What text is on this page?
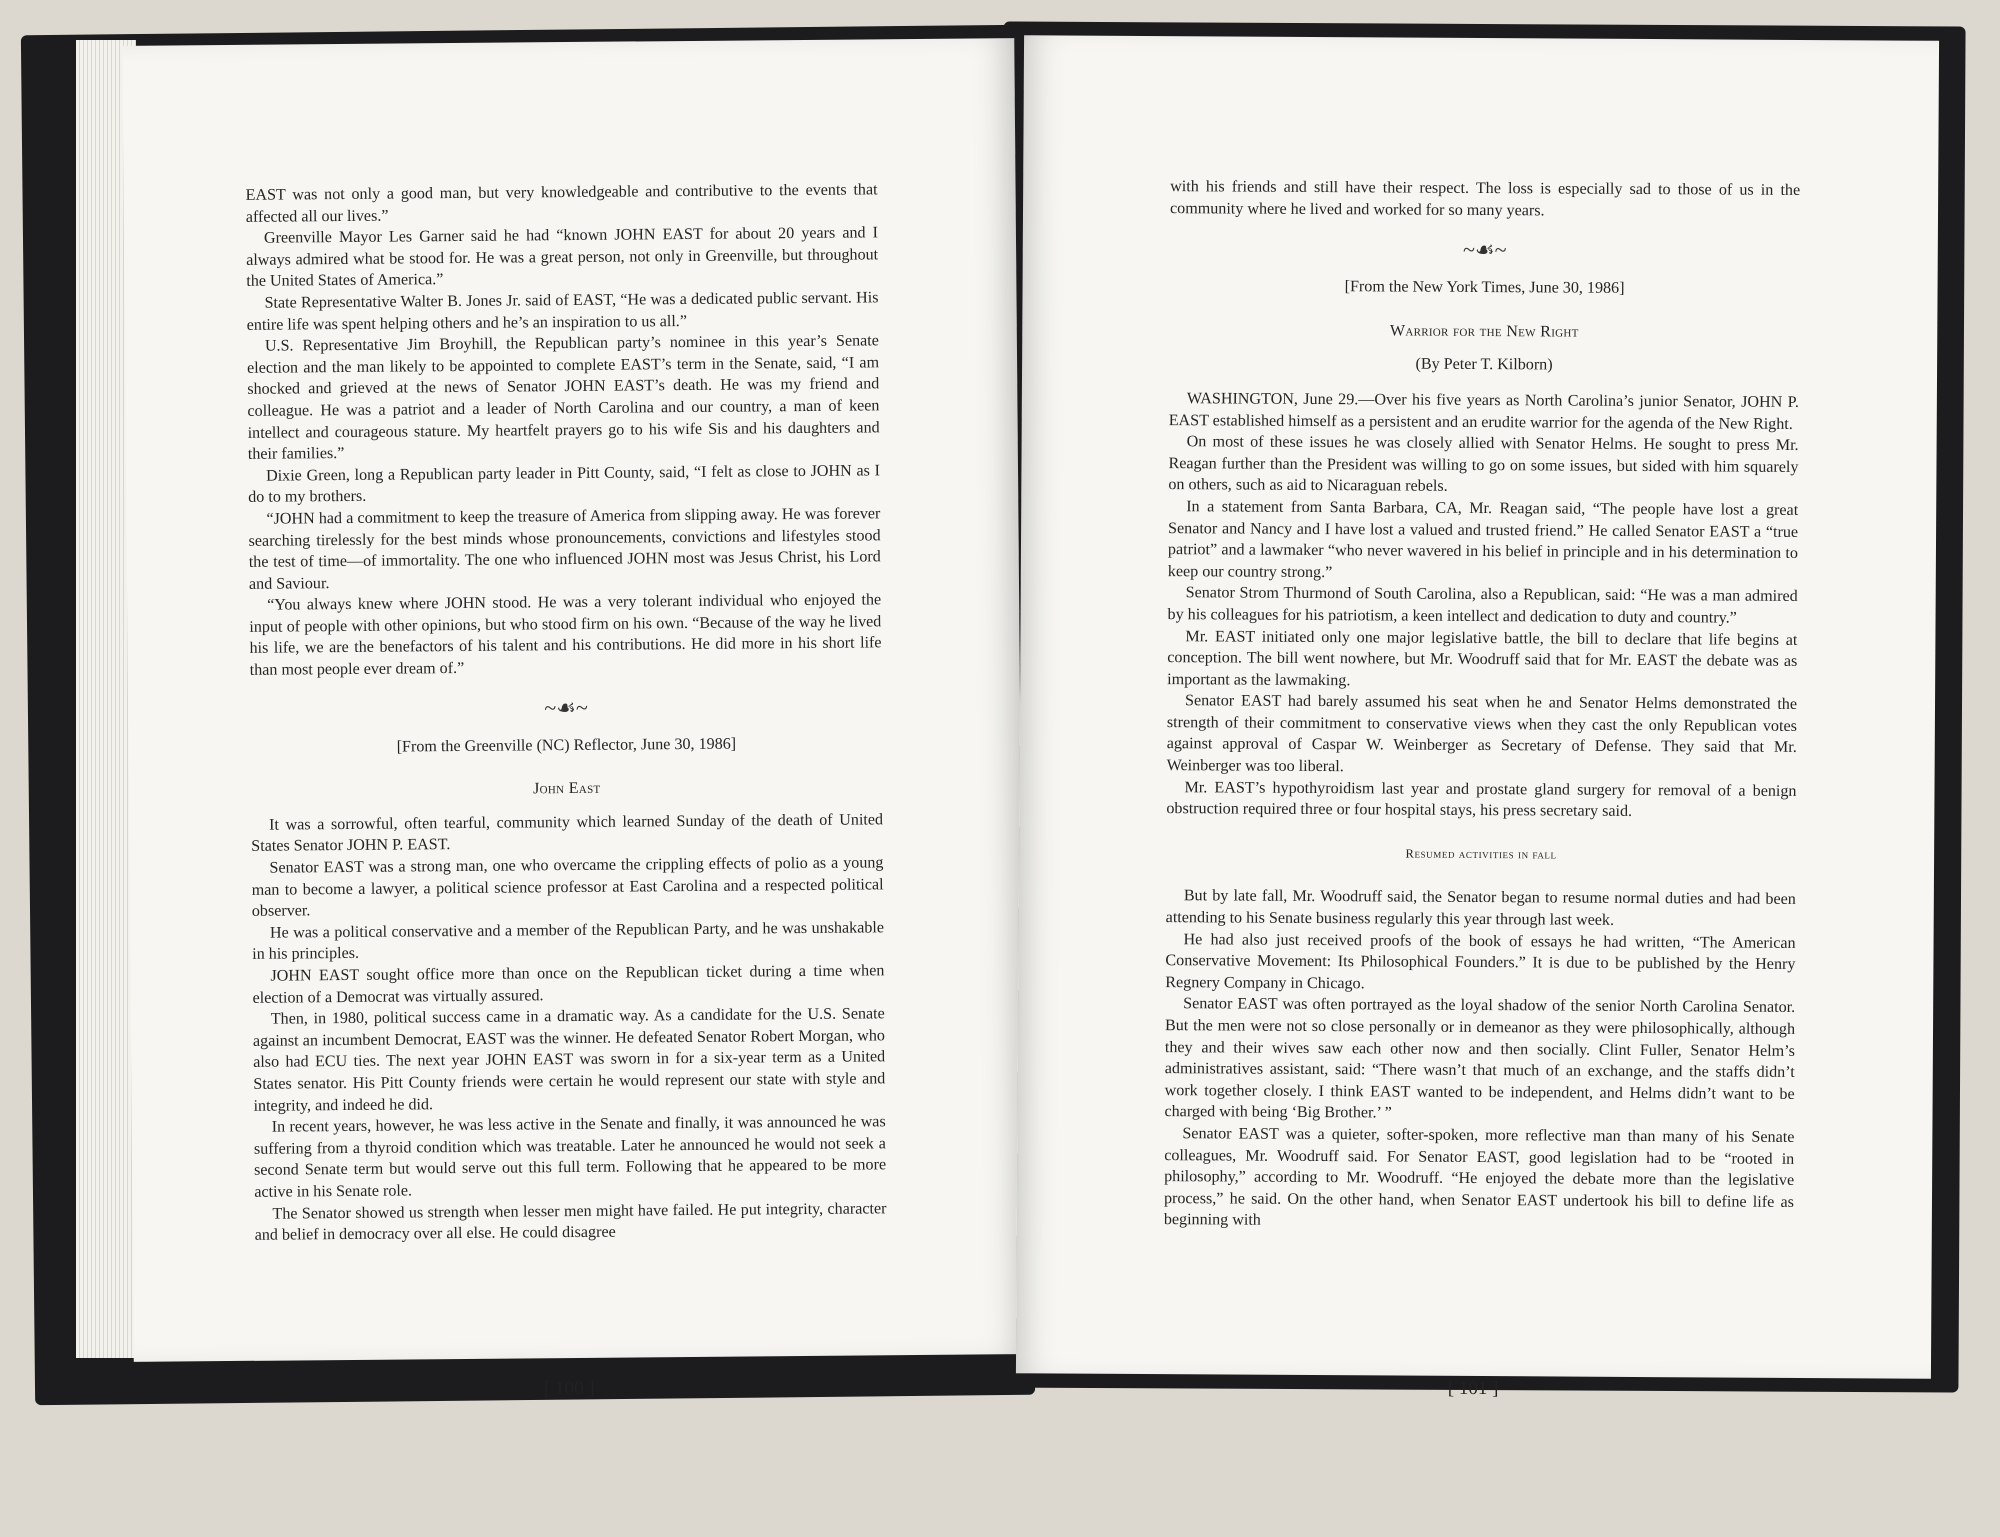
EAST was not only a good man, but very knowledgeable and contributive to the events that affected all our lives.”

Greenville Mayor Les Garner said he had “known JOHN EAST for about 20 years and I always admired what be stood for. He was a great person, not only in Greenville, but throughout the United States of America.”

State Representative Walter B. Jones Jr. said of EAST, “He was a dedicated public servant. His entire life was spent helping others and he’s an inspiration to us all.”

U.S. Representative Jim Broyhill, the Republican party’s nominee in this year’s Senate election and the man likely to be appointed to complete EAST’s term in the Senate, said, “I am shocked and grieved at the news of Senator JOHN EAST’s death. He was my friend and colleague. He was a patriot and a leader of North Carolina and our country, a man of keen intellect and courageous stature. My heartfelt prayers go to his wife Sis and his daughters and their families.”

Dixie Green, long a Republican party leader in Pitt County, said, “I felt as close to JOHN as I do to my brothers.

“JOHN had a commitment to keep the treasure of America from slipping away. He was forever searching tirelessly for the best minds whose pronouncements, convictions and lifestyles stood the test of time—of immortality. The one who influenced JOHN most was Jesus Christ, his Lord and Saviour.

“You always knew where JOHN stood. He was a very tolerant individual who enjoyed the input of people with other opinions, but who stood firm on his own. “Because of the way he lived his life, we are the benefactors of his talent and his contributions. He did more in his short life than most people ever dream of.”

~☙~
[From the Greenville (NC) Reflector, June 30, 1986]
John East

It was a sorrowful, often tearful, community which learned Sunday of the death of United States Senator JOHN P. EAST.

Senator EAST was a strong man, one who overcame the crippling effects of polio as a young man to become a lawyer, a political science professor at East Carolina and a respected political observer.

He was a political conservative and a member of the Republican Party, and he was unshakable in his principles.

JOHN EAST sought office more than once on the Republican ticket during a time when election of a Democrat was virtually assured.

Then, in 1980, political success came in a dramatic way. As a candidate for the U.S. Senate against an incumbent Democrat, EAST was the winner. He defeated Senator Robert Morgan, who also had ECU ties. The next year JOHN EAST was sworn in for a six-year term as a United States senator. His Pitt County friends were certain he would represent our state with style and integrity, and indeed he did.

In recent years, however, he was less active in the Senate and finally, it was announced he was suffering from a thyroid condition which was treatable. Later he announced he would not seek a second Senate term but would serve out this full term. Following that he appeared to be more active in his Senate role.

The Senator showed us strength when lesser men might have failed. He put integrity, character and belief in democracy over all else. He could disagree

[ 100 ]

with his friends and still have their respect. The loss is especially sad to those of us in the community where he lived and worked for so many years.

~☙~
[From the New York Times, June 30, 1986]
Warrior for the New Right
(By Peter T. Kilborn)

WASHINGTON, June 29.—Over his five years as North Carolina’s junior Senator, JOHN P. EAST established himself as a persistent and an erudite warrior for the agenda of the New Right.

On most of these issues he was closely allied with Senator Helms. He sought to press Mr. Reagan further than the President was willing to go on some issues, but sided with him squarely on others, such as aid to Nicaraguan rebels.

In a statement from Santa Barbara, CA, Mr. Reagan said, “The people have lost a great Senator and Nancy and I have lost a valued and trusted friend.” He called Senator EAST a “true patriot” and a lawmaker “who never wavered in his belief in principle and in his determination to keep our country strong.”

Senator Strom Thurmond of South Carolina, also a Republican, said: “He was a man admired by his colleagues for his patriotism, a keen intellect and dedication to duty and country.”

Mr. EAST initiated only one major legislative battle, the bill to declare that life begins at conception. The bill went nowhere, but Mr. Woodruff said that for Mr. EAST the debate was as important as the lawmaking.

Senator EAST had barely assumed his seat when he and Senator Helms demonstrated the strength of their commitment to conservative views when they cast the only Republican votes against approval of Caspar W. Weinberger as Secretary of Defense. They said that Mr. Weinberger was too liberal.

Mr. EAST’s hypothyroidism last year and prostate gland surgery for removal of a benign obstruction required three or four hospital stays, his press secretary said.

Resumed activities in fall

But by late fall, Mr. Woodruff said, the Senator began to resume normal duties and had been attending to his Senate business regularly this year through last week.

He had also just received proofs of the book of essays he had written, “The American Conservative Movement: Its Philosophical Founders.” It is due to be published by the Henry Regnery Company in Chicago.

Senator EAST was often portrayed as the loyal shadow of the senior North Carolina Senator. But the men were not so close personally or in demeanor as they were philosophically, although they and their wives saw each other now and then socially. Clint Fuller, Senator Helm’s administratives assistant, said: “There wasn’t that much of an exchange, and the staffs didn’t work together closely. I think EAST wanted to be independent, and Helms didn’t want to be charged with being ‘Big Brother.’ ”

Senator EAST was a quieter, softer-spoken, more reflective man than many of his Senate colleagues, Mr. Woodruff said. For Senator EAST, good legislation had to be “rooted in philosophy,” according to Mr. Woodruff. “He enjoyed the debate more than the legislative process,” he said. On the other hand, when Senator EAST undertook his bill to define life as beginning with

[ 101 ]
